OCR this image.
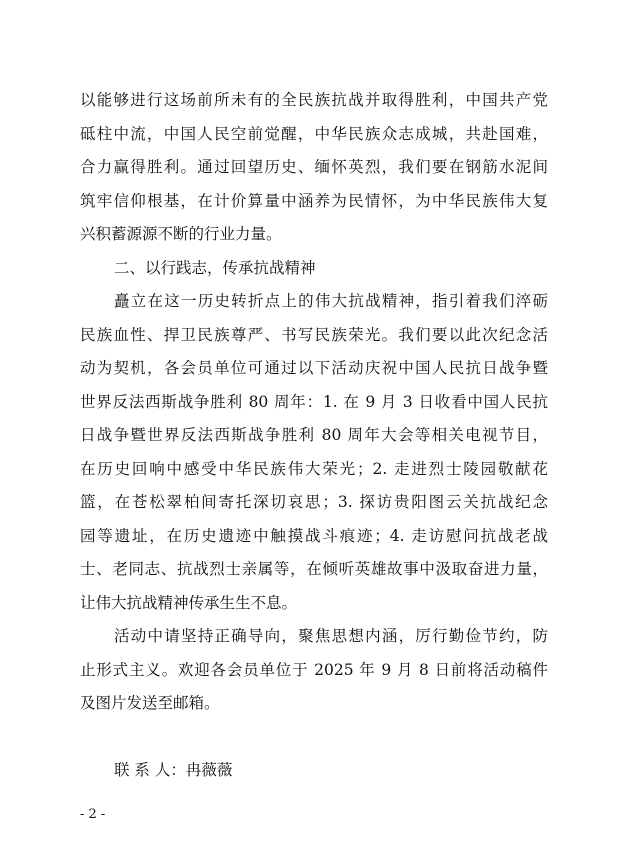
以能够进行这场前所未有的全民族抗战并取得胜利，中国共产党
砥柱中流，中国人民空前觉醒，中华民族众志成城，共赴国难，
合力赢得胜利。通过回望历史、缅怀英烈，我们要在钢筋水泥间
筑牢信仰根基，在计价算量中涵养为民情怀，为中华民族伟大复
兴积蓄源源不断的行业力量。
二、以行践志，传承抗战精神
矗立在这一历史转折点上的伟大抗战精神，指引着我们淬砺
民族血性、捍卫民族尊严、书写民族荣光。我们要以此次纪念活
动为契机，各会员单位可通过以下活动庆祝中国人民抗日战争暨
世界反法西斯战争胜利 80 周年：1. 在 9 月 3 日收看中国人民抗
日战争暨世界反法西斯战争胜利 80 周年大会等相关电视节目，
在历史回响中感受中华民族伟大荣光；2. 走进烈士陵园敬献花
篮，在苍松翠柏间寄托深切哀思；3. 探访贵阳图云关抗战纪念
园等遗址，在历史遗迹中触摸战斗痕迹；4. 走访慰问抗战老战
士、老同志、抗战烈士亲属等，在倾听英雄故事中汲取奋进力量，
让伟大抗战精神传承生生不息。
活动中请坚持正确导向，聚焦思想内涵，厉行勤俭节约，防
止形式主义。欢迎各会员单位于 2025 年 9 月 8 日前将活动稿件
及图片发送至邮箱。
联 系 人：冉薇薇
- 2 -
